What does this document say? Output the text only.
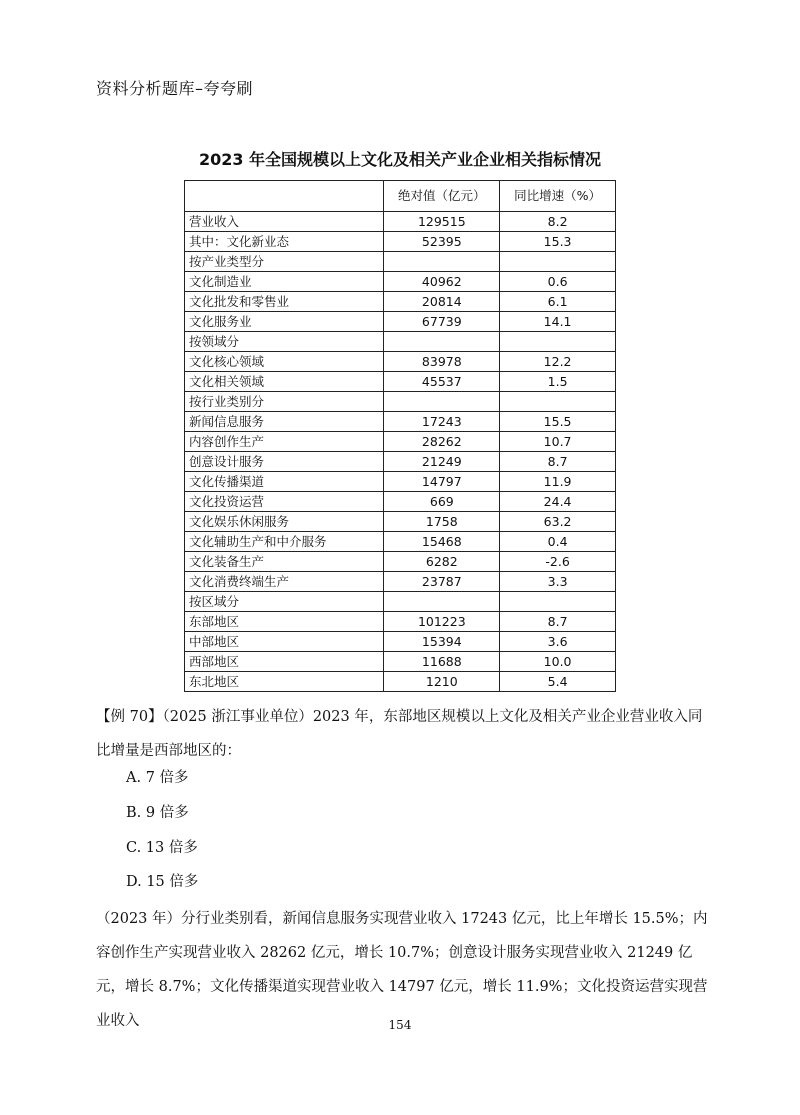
资料分析题库–夸夸刷
2023 年全国规模以上文化及相关产业企业相关指标情况
	绝对值（亿元）	同比增速（%）
营业收入	129515	8.2
其中：文化新业态	52395	15.3
按产业类型分		
文化制造业	40962	0.6
文化批发和零售业	20814	6.1
文化服务业	67739	14.1
按领域分		
文化核心领域	83978	12.2
文化相关领域	45537	1.5
按行业类别分		
新闻信息服务	17243	15.5
内容创作生产	28262	10.7
创意设计服务	21249	8.7
文化传播渠道	14797	11.9
文化投资运营	669	24.4
文化娱乐休闲服务	1758	63.2
文化辅助生产和中介服务	15468	0.4
文化装备生产	6282	-2.6
文化消费终端生产	23787	3.3
按区域分		
东部地区	101223	8.7
中部地区	15394	3.6
西部地区	11688	10.0
东北地区	1210	5.4
【例 70】（2025 浙江事业单位）2023 年，东部地区规模以上文化及相关产业企业营业收入同比增量是西部地区的：
A. 7 倍多
B. 9 倍多
C. 13 倍多
D. 15 倍多
（2023 年）分行业类别看，新闻信息服务实现营业收入 17243 亿元，比上年增长 15.5%；内容创作生产实现营业收入 28262 亿元，增长 10.7%；创意设计服务实现营业收入 21249 亿元，增长 8.7%；文化传播渠道实现营业收入 14797 亿元，增长 11.9%；文化投资运营实现营业收入	154
